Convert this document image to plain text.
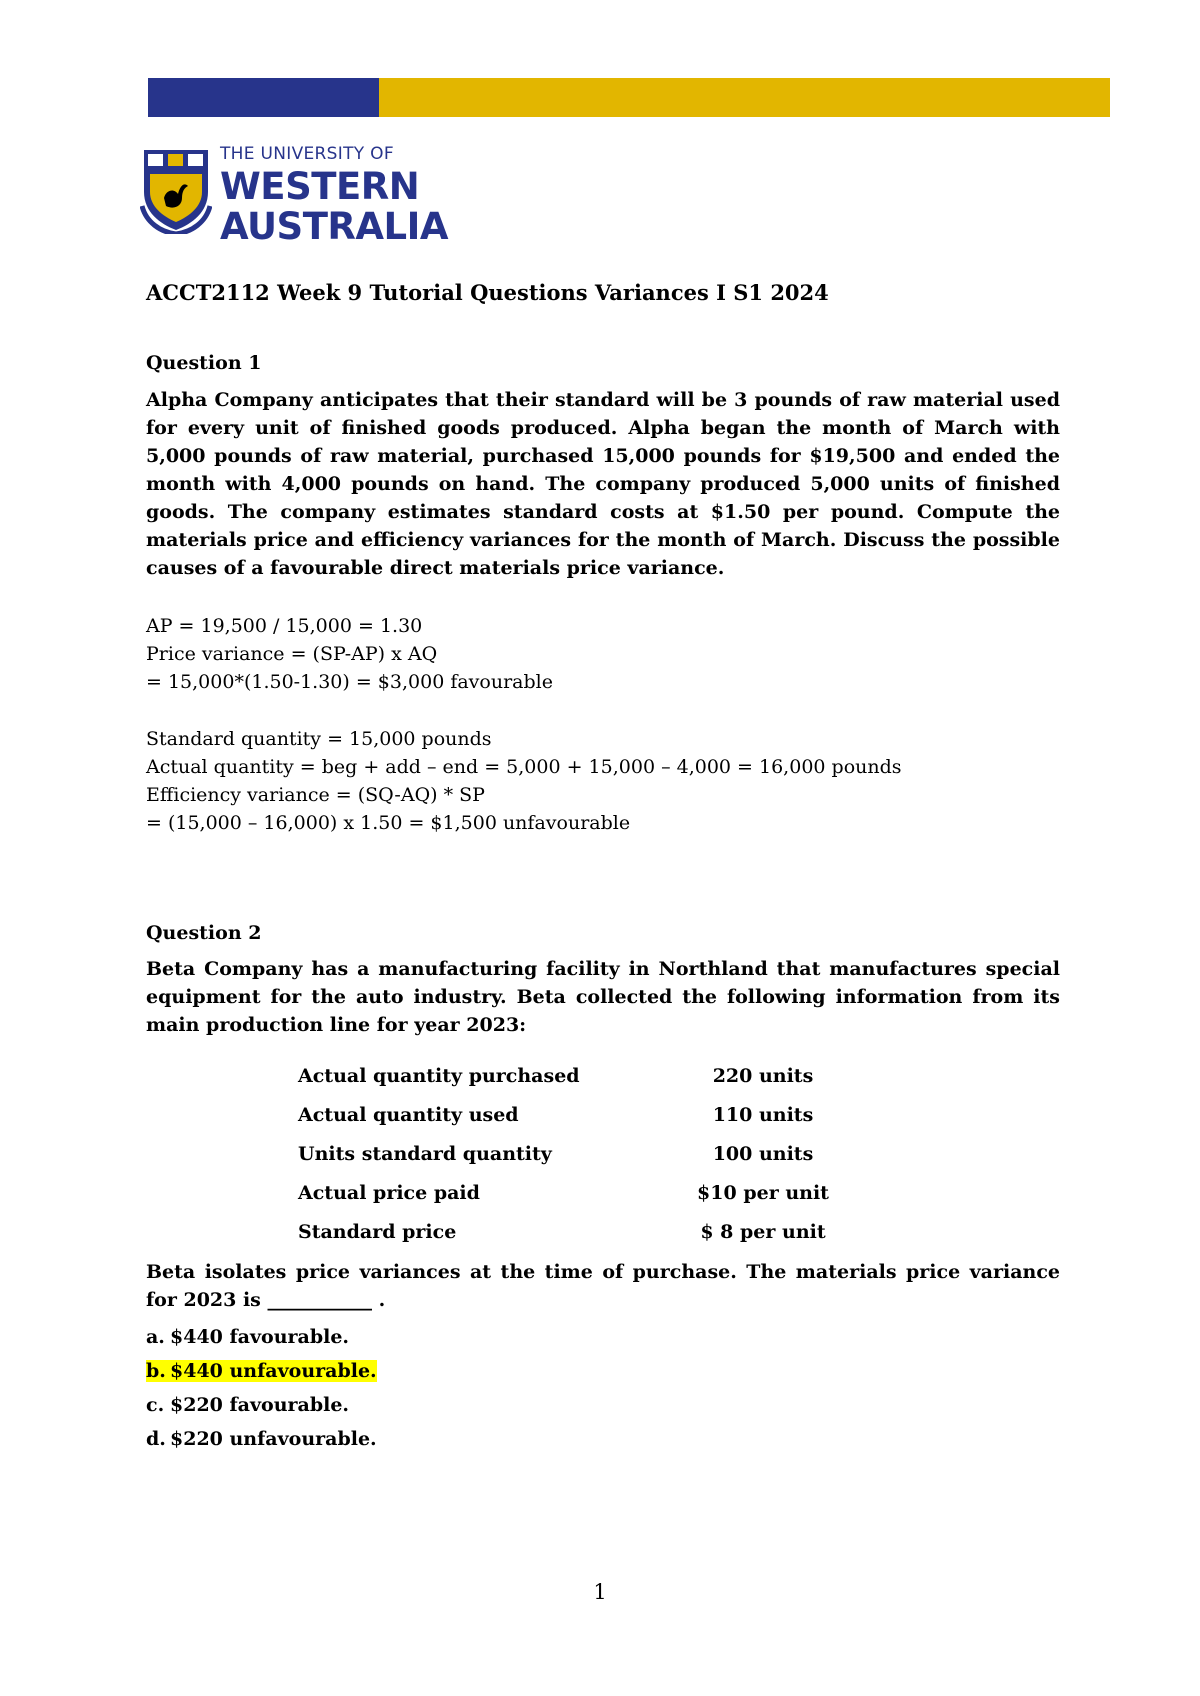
THE UNIVERSITY OF
WESTERN
AUSTRALIA
ACCT2112 Week 9 Tutorial Questions Variances I S1 2024
Question 1
Alpha Company anticipates that their standard will be 3 pounds of raw material used for every unit of finished goods produced. Alpha began the month of March with 5,000 pounds of raw material, purchased 15,000 pounds for $19,500 and ended the month with 4,000 pounds on hand. The company produced 5,000 units of finished goods. The company estimates standard costs at $1.50 per pound. Compute the materials price and efficiency variances for the month of March. Discuss the possible causes of a favourable direct materials price variance.
AP = 19,500 / 15,000 = 1.30
Price variance = (SP-AP) x AQ
= 15,000*(1.50-1.30) = $3,000 favourable
Standard quantity = 15,000 pounds
Actual quantity = beg + add – end = 5,000 + 15,000 – 4,000 = 16,000 pounds
Efficiency variance = (SQ-AQ) * SP
= (15,000 – 16,000) x 1.50 = $1,500 unfavourable
Question 2
Beta Company has a manufacturing facility in Northland that manufactures special equipment for the auto industry. Beta collected the following information from its main production line for year 2023:
Actual quantity purchased	220 units
Actual quantity used	110 units
Units standard quantity	100 units
Actual price paid	$10 per unit
Standard price	$ 8 per unit
Beta isolates price variances at the time of purchase. The materials price variance for 2023 is ___________ .
a. $440 favourable.
b. $440 unfavourable.
c. $220 favourable.
d. $220 unfavourable.
1
